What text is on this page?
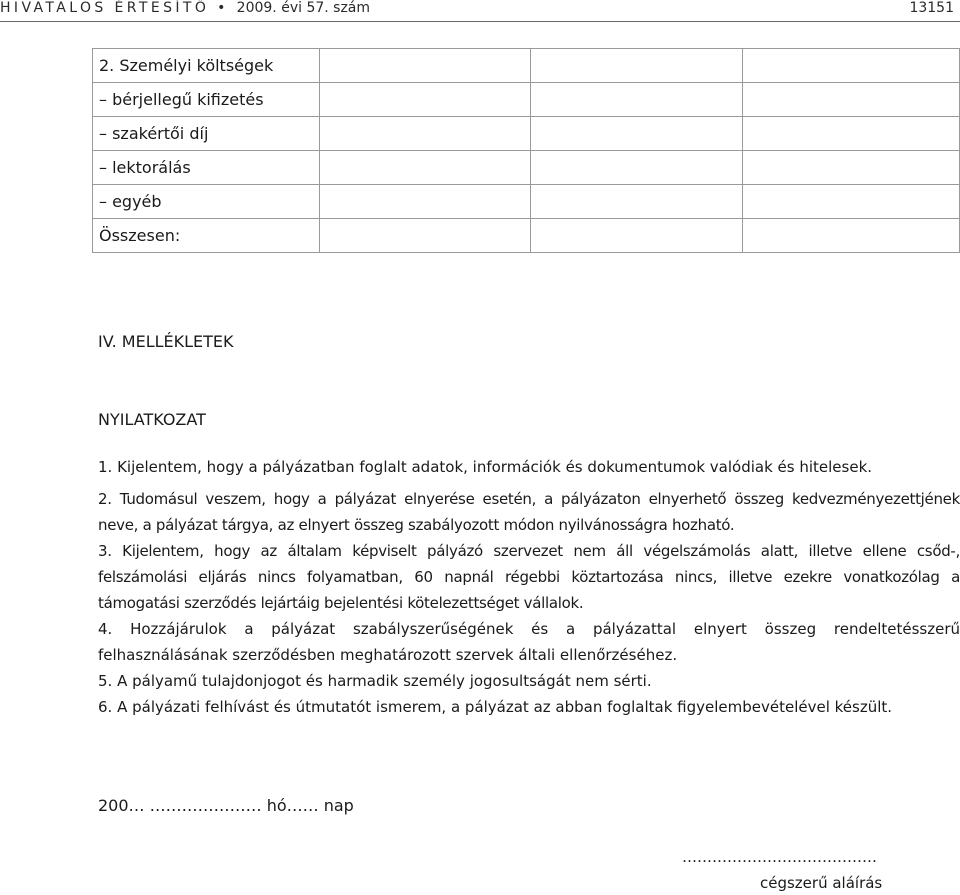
HIVATALOS ÉRTESÍTŐ • 2009. évi 57. szám	13151
2. Személyi költségek			
– bérjellegű kifizetés			
– szakértői díj			
– lektorálás			
– egyéb			
Összesen:			
IV. MELLÉKLETEK
NYILATKOZAT
1. Kijelentem, hogy a pályázatban foglalt adatok, információk és dokumentumok valódiak és hitelesek.
2. Tudomásul veszem, hogy a pályázat elnyerése esetén, a pályázaton elnyerhető összeg kedvezményezettjének neve, a pályázat tárgya, az elnyert összeg szabályozott módon nyilvánosságra hozható.
3. Kijelentem, hogy az általam képviselt pályázó szervezet nem áll végelszámolás alatt, illetve ellene csőd-, felszámolási eljárás nincs folyamatban, 60 napnál régebbi köztartozása nincs, illetve ezekre vonatkozólag a támogatási szerződés lejártáig bejelentési kötelezettséget vállalok.
4. Hozzájárulok a pályázat szabályszerűségének és a pályázattal elnyert összeg rendeltetésszerű felhasználásának szerződésben meghatározott szervek általi ellenőrzéséhez.
5. A pályamű tulajdonjogot és harmadik személy jogosultságát nem sérti.
6. A pályázati felhívást és útmutatót ismerem, a pályázat az abban foglaltak figyelembevételével készült.
200… ………………… hó…… nap
…………………………………
cégszerű aláírás
